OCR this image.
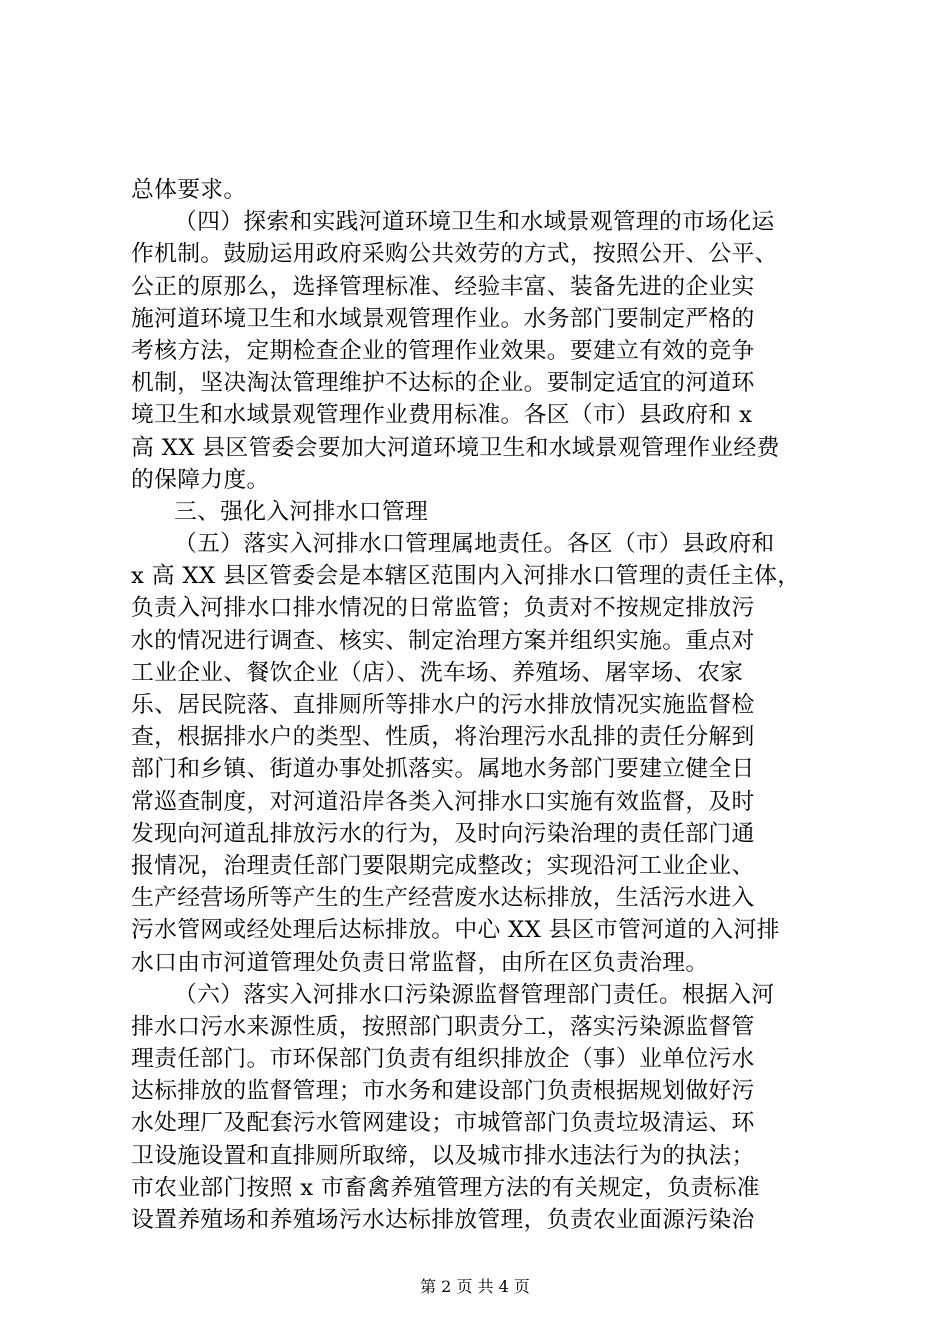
总体要求。
（四）探索和实践河道环境卫生和水域景观管理的市场化运
作机制。鼓励运用政府采购公共效劳的方式，按照公开、公平、
公正的原那么，选择管理标准、经验丰富、装备先进的企业实
施河道环境卫生和水域景观管理作业。水务部门要制定严格的
考核方法，定期检查企业的管理作业效果。要建立有效的竞争
机制，坚决淘汰管理维护不达标的企业。要制定适宜的河道环
境卫生和水域景观管理作业费用标准。各区（市）县政府和 x
高 XX 县区管委会要加大河道环境卫生和水域景观管理作业经费
的保障力度。
三、强化入河排水口管理
（五）落实入河排水口管理属地责任。各区（市）县政府和
x 高 XX 县区管委会是本辖区范围内入河排水口管理的责任主体，
负责入河排水口排水情况的日常监管；负责对不按规定排放污
水的情况进行调查、核实、制定治理方案并组织实施。重点对
工业企业、餐饮企业（店）、洗车场、养殖场、屠宰场、农家
乐、居民院落、直排厕所等排水户的污水排放情况实施监督检
查，根据排水户的类型、性质，将治理污水乱排的责任分解到
部门和乡镇、街道办事处抓落实。属地水务部门要建立健全日
常巡查制度，对河道沿岸各类入河排水口实施有效监督，及时
发现向河道乱排放污水的行为，及时向污染治理的责任部门通
报情况，治理责任部门要限期完成整改；实现沿河工业企业、
生产经营场所等产生的生产经营废水达标排放，生活污水进入
污水管网或经处理后达标排放。中心 XX 县区市管河道的入河排
水口由市河道管理处负责日常监督，由所在区负责治理。
（六）落实入河排水口污染源监督管理部门责任。根据入河
排水口污水来源性质，按照部门职责分工，落实污染源监督管
理责任部门。市环保部门负责有组织排放企（事）业单位污水
达标排放的监督管理；市水务和建设部门负责根据规划做好污
水处理厂及配套污水管网建设；市城管部门负责垃圾清运、环
卫设施设置和直排厕所取缔，以及城市排水违法行为的执法；
市农业部门按照 x 市畜禽养殖管理方法的有关规定，负责标准
设置养殖场和养殖场污水达标排放管理，负责农业面源污染治
第 2 页 共 4 页
